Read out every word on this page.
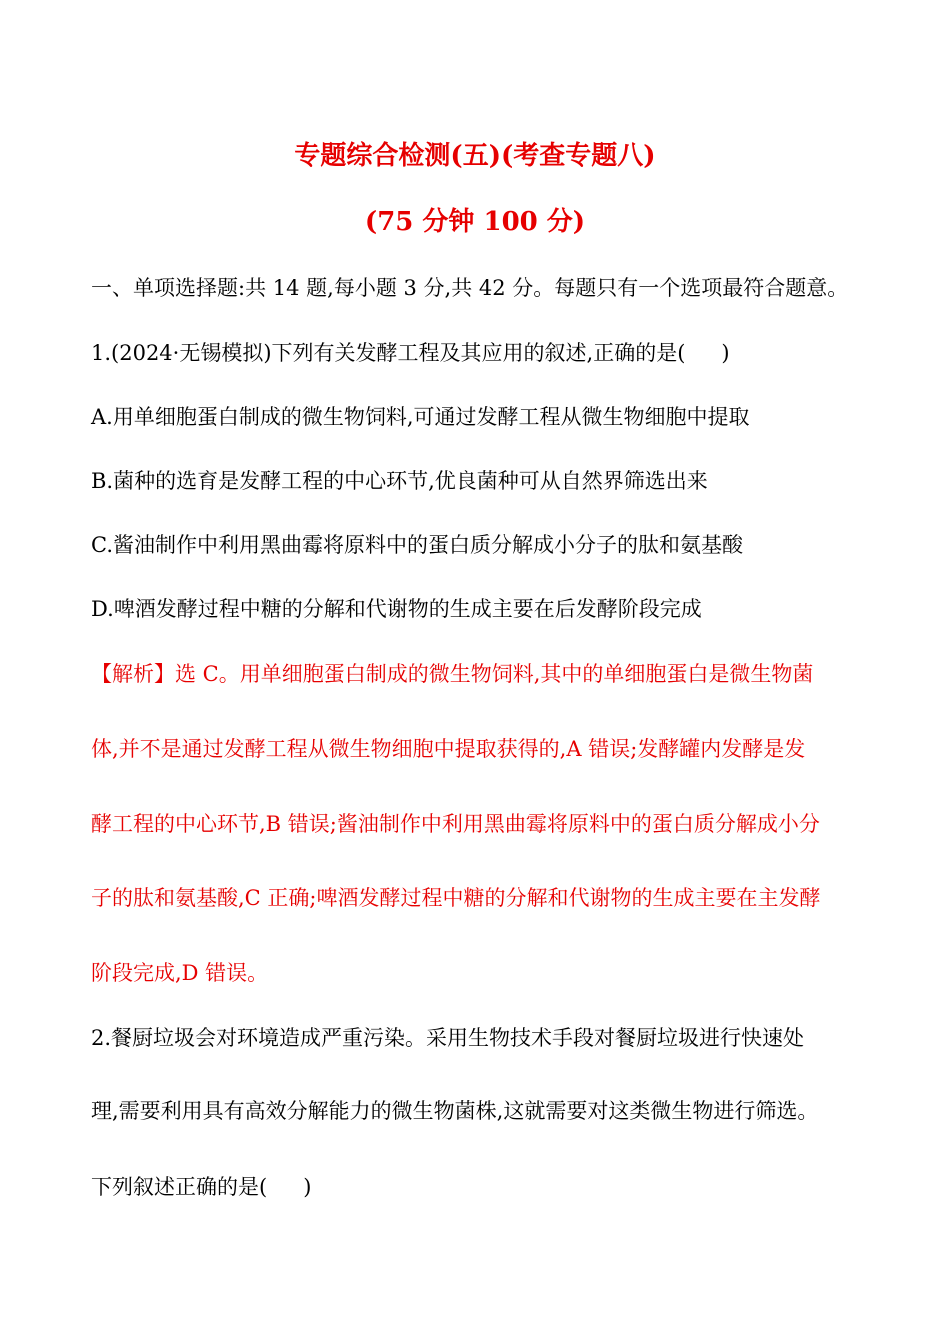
专题综合检测(五)(考查专题八)
(75 分钟 100 分)
一、单项选择题:共 14 题,每小题 3 分,共 42 分。每题只有一个选项最符合题意。
1.(2024·无锡模拟)下列有关发酵工程及其应用的叙述,正确的是( )
A.用单细胞蛋白制成的微生物饲料,可通过发酵工程从微生物细胞中提取
B.菌种的选育是发酵工程的中心环节,优良菌种可从自然界筛选出来
C.酱油制作中利用黑曲霉将原料中的蛋白质分解成小分子的肽和氨基酸
D.啤酒发酵过程中糖的分解和代谢物的生成主要在后发酵阶段完成
【解析】选 C。用单细胞蛋白制成的微生物饲料,其中的单细胞蛋白是微生物菌
体,并不是通过发酵工程从微生物细胞中提取获得的,A 错误;发酵罐内发酵是发
酵工程的中心环节,B 错误;酱油制作中利用黑曲霉将原料中的蛋白质分解成小分
子的肽和氨基酸,C 正确;啤酒发酵过程中糖的分解和代谢物的生成主要在主发酵
阶段完成,D 错误。
2.餐厨垃圾会对环境造成严重污染。采用生物技术手段对餐厨垃圾进行快速处
理,需要利用具有高效分解能力的微生物菌株,这就需要对这类微生物进行筛选。
下列叙述正确的是( )
